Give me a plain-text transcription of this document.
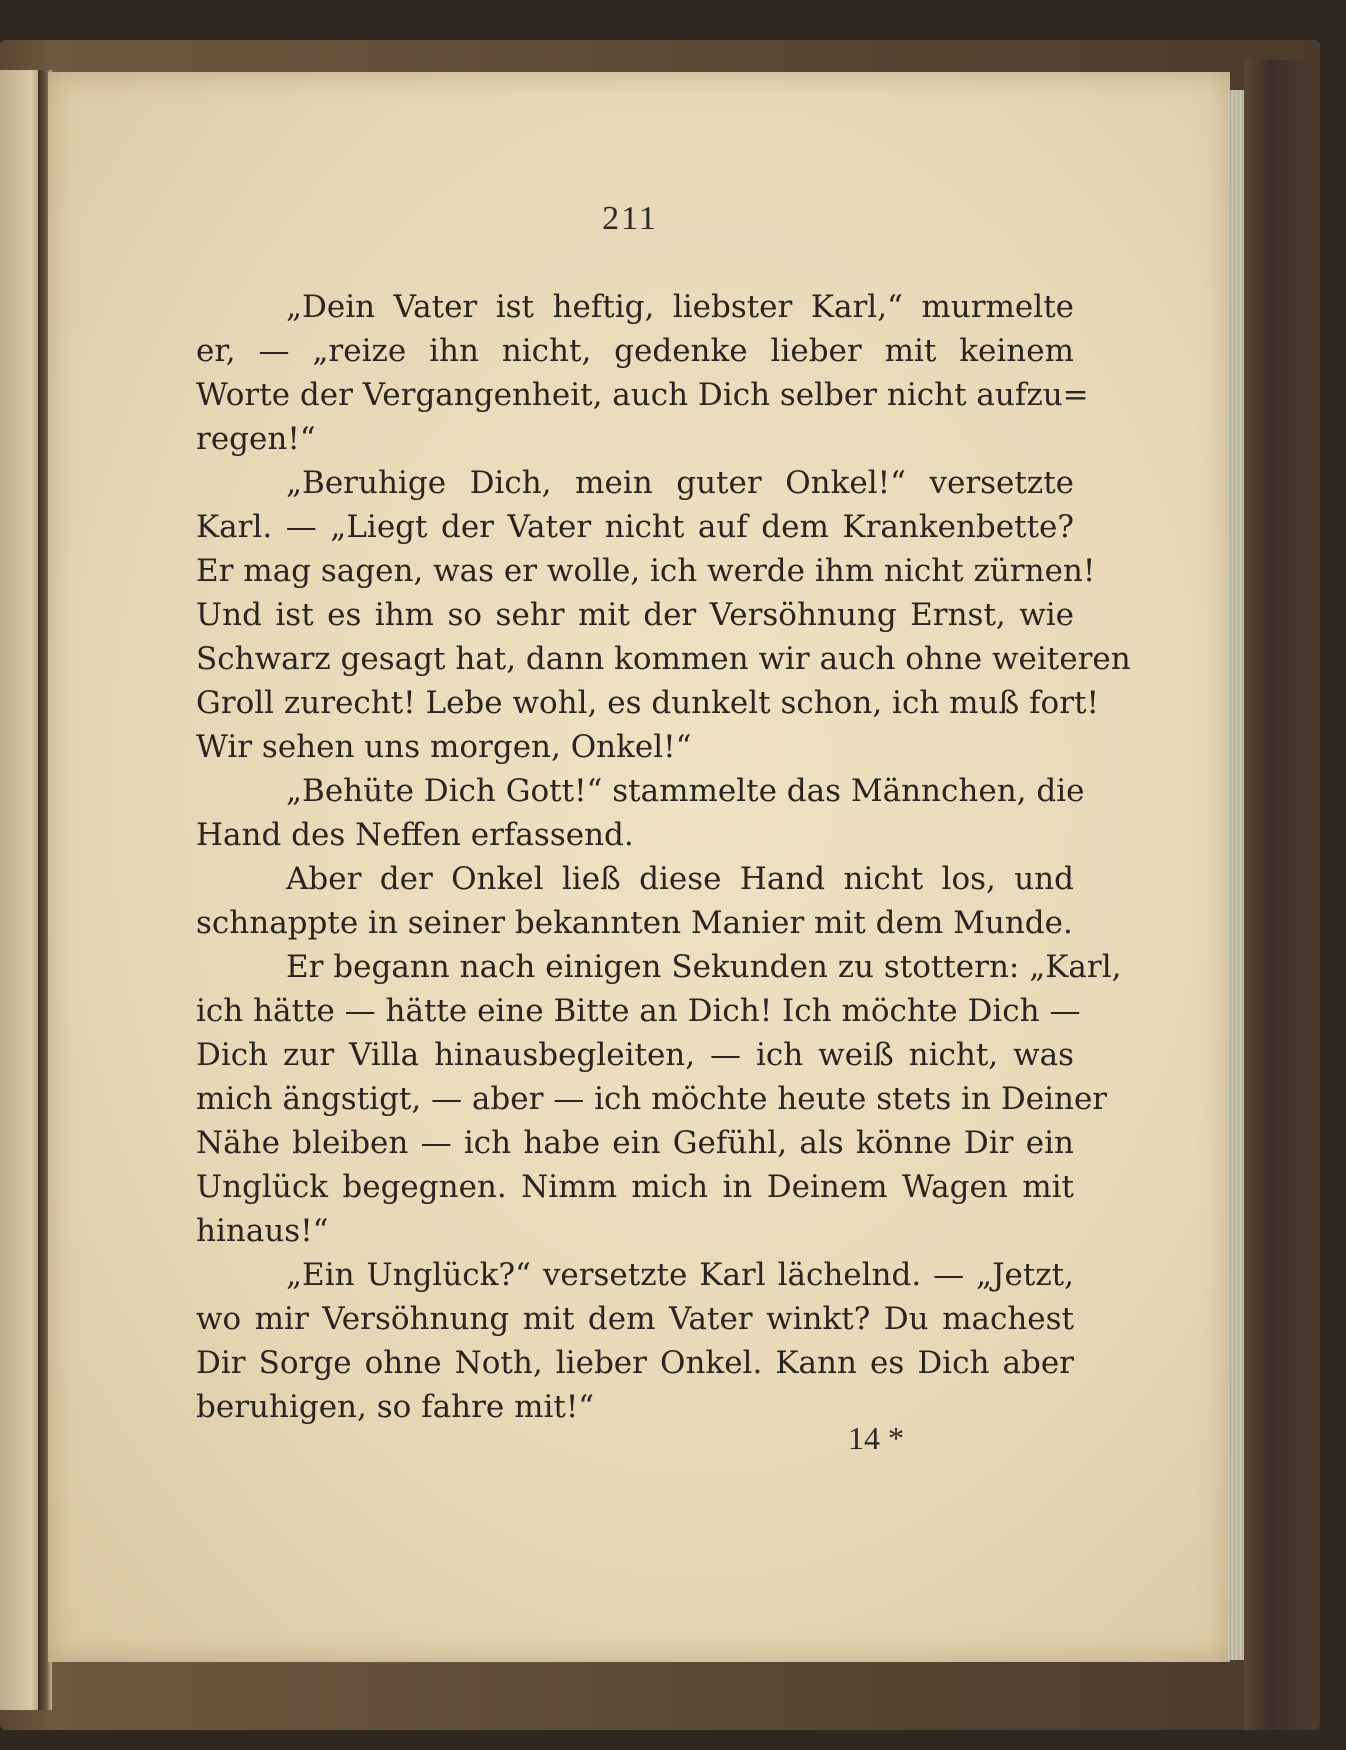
211
„Dein Vater ist heftig, liebster Karl,“ murmelte
er, — „reize ihn nicht, gedenke lieber mit keinem
Worte der Vergangenheit, auch Dich selber nicht aufzu=
regen!“
„Beruhige Dich, mein guter Onkel!“ versetzte
Karl. — „Liegt der Vater nicht auf dem Krankenbette?
Er mag sagen, was er wolle, ich werde ihm nicht zürnen!
Und ist es ihm so sehr mit der Versöhnung Ernst, wie
Schwarz gesagt hat, dann kommen wir auch ohne weiteren
Groll zurecht! Lebe wohl, es dunkelt schon, ich muß fort!
Wir sehen uns morgen, Onkel!“
„Behüte Dich Gott!“ stammelte das Männchen, die
Hand des Neffen erfassend.
Aber der Onkel ließ diese Hand nicht los, und
schnappte in seiner bekannten Manier mit dem Munde.
Er begann nach einigen Sekunden zu stottern: „Karl,
ich hätte — hätte eine Bitte an Dich! Ich möchte Dich —
Dich zur Villa hinausbegleiten, — ich weiß nicht, was
mich ängstigt, — aber — ich möchte heute stets in Deiner
Nähe bleiben — ich habe ein Gefühl, als könne Dir ein
Unglück begegnen. Nimm mich in Deinem Wagen mit
hinaus!“
„Ein Unglück?“ versetzte Karl lächelnd. — „Jetzt,
wo mir Versöhnung mit dem Vater winkt? Du machest
Dir Sorge ohne Noth, lieber Onkel. Kann es Dich aber
beruhigen, so fahre mit!“
14 *
